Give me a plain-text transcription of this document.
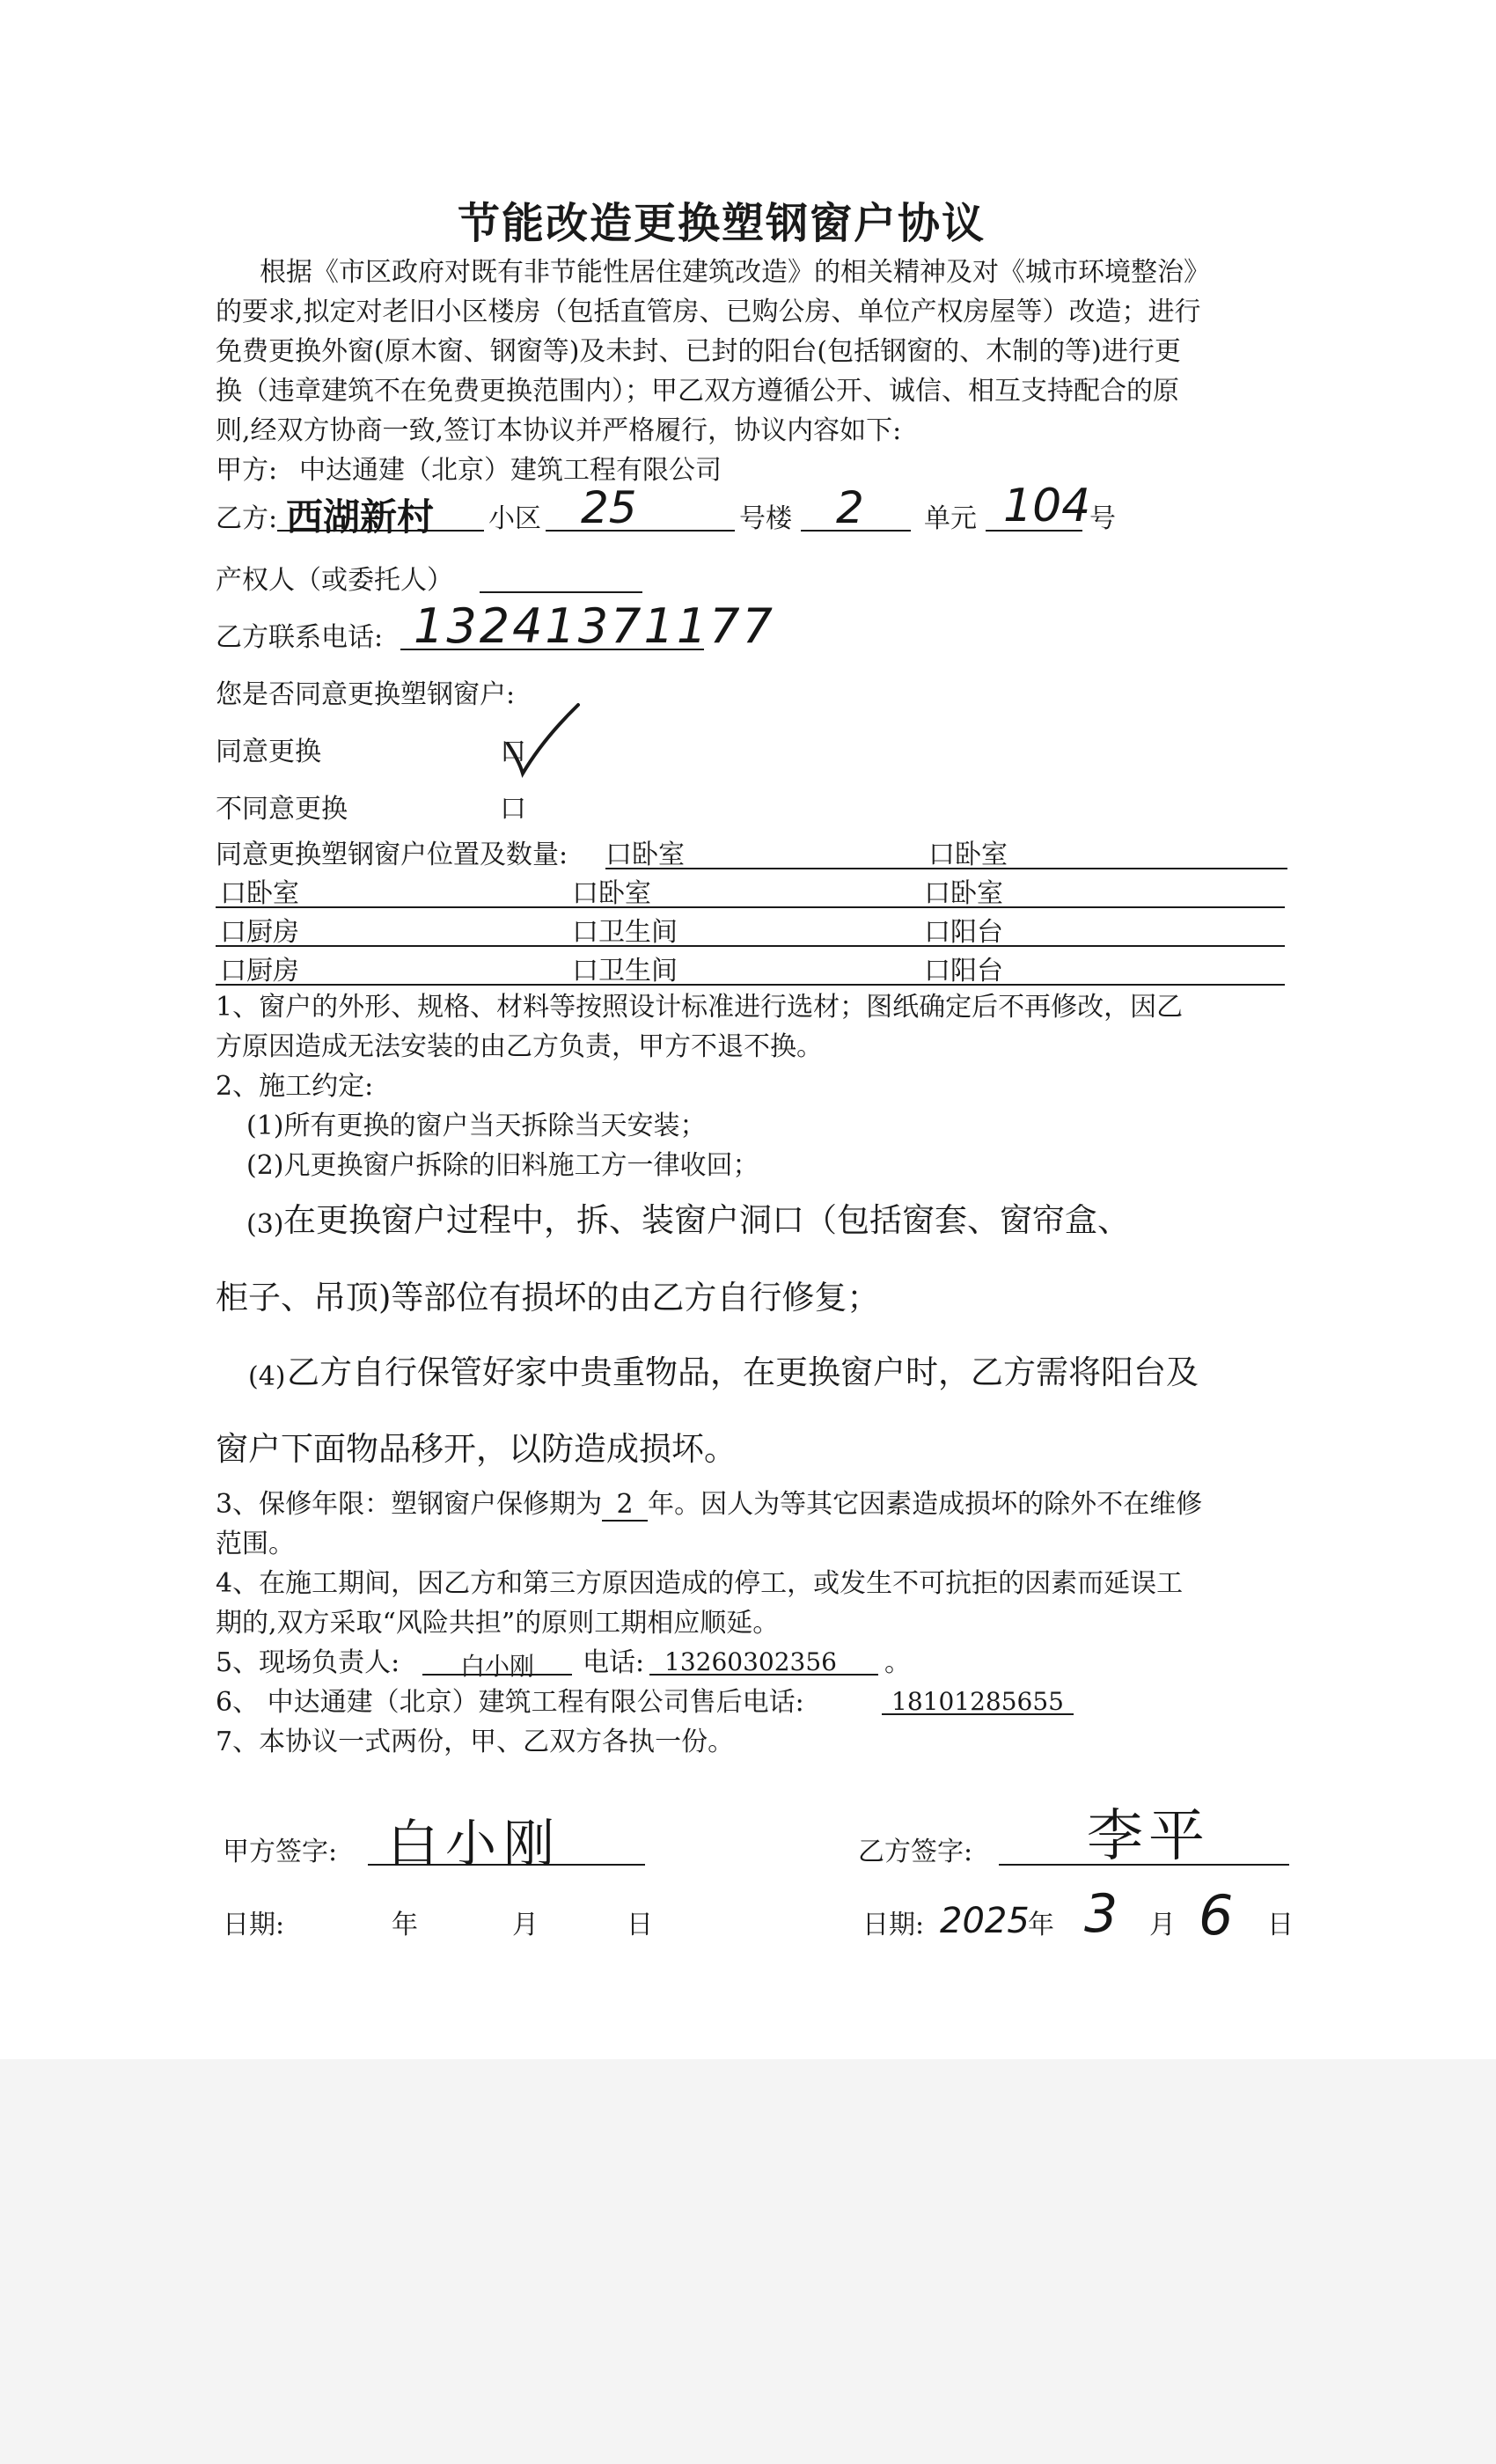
节能改造更换塑钢窗户协议
根据《市区政府对既有非节能性居住建筑改造》的相关精神及对《城市环境整治》
的要求,拟定对老旧小区楼房（包括直管房、已购公房、单位产权房屋等）改造；进行
免费更换外窗(原木窗、钢窗等)及未封、已封的阳台(包括钢窗的、木制的等)进行更
换（违章建筑不在免费更换范围内）；甲乙双方遵循公开、诚信、相互支持配合的原
则,经双方协商一致,签订本协议并严格履行，协议内容如下:
甲方: 中达通建（北京）建筑工程有限公司
乙方: 西湖新村 小区 25	号楼 2 单元 104
号
产权人（或委托人）
乙方联系电话: 13241371177
您是否同意更换塑钢窗户:
同意更换	口
不同意更换	口
同意更换塑钢窗户位置及数量: 口卧室	口卧室
口卧室	口卧室	口卧室
口厨房	口卫生间	口阳台
口厨房	口卫生间	口阳台
1、窗户的外形、规格、材料等按照设计标准进行选材；图纸确定后不再修改，因乙
方原因造成无法安装的由乙方负责，甲方不退不换。
2、施工约定:
(1)所有更换的窗户当天拆除当天安装；
(2)凡更换窗户拆除的旧料施工方一律收回；
(3) 在更换窗户过程中，拆、装窗户洞口（包括窗套、窗帘盒、
柜子、吊顶)等部位有损坏的由乙方自行修复；
(4) 乙方自行保管好家中贵重物品，在更换窗户时，乙方需将阳台及
窗户下面物品移开，以防造成损坏。
3、保修年限：塑钢窗户保修期为 2 年。因人为等其它因素造成损坏的除外不在维修
范围。
4、在施工期间，因乙方和第三方原因造成的停工，或发生不可抗拒的因素而延误工
期的,双方采取“风险共担”的原则工期相应顺延。
5、现场负责人:	白小刚	电话: 13260302356	。
6、 中达通建（北京）建筑工程有限公司售后电话:	18101285655
7、本协议一式两份，甲、乙双方各执一份。
甲方签字: 白小刚	乙方签字: 李平
日期:	年	月	日	日期: 2025
年 3 月 6 日
